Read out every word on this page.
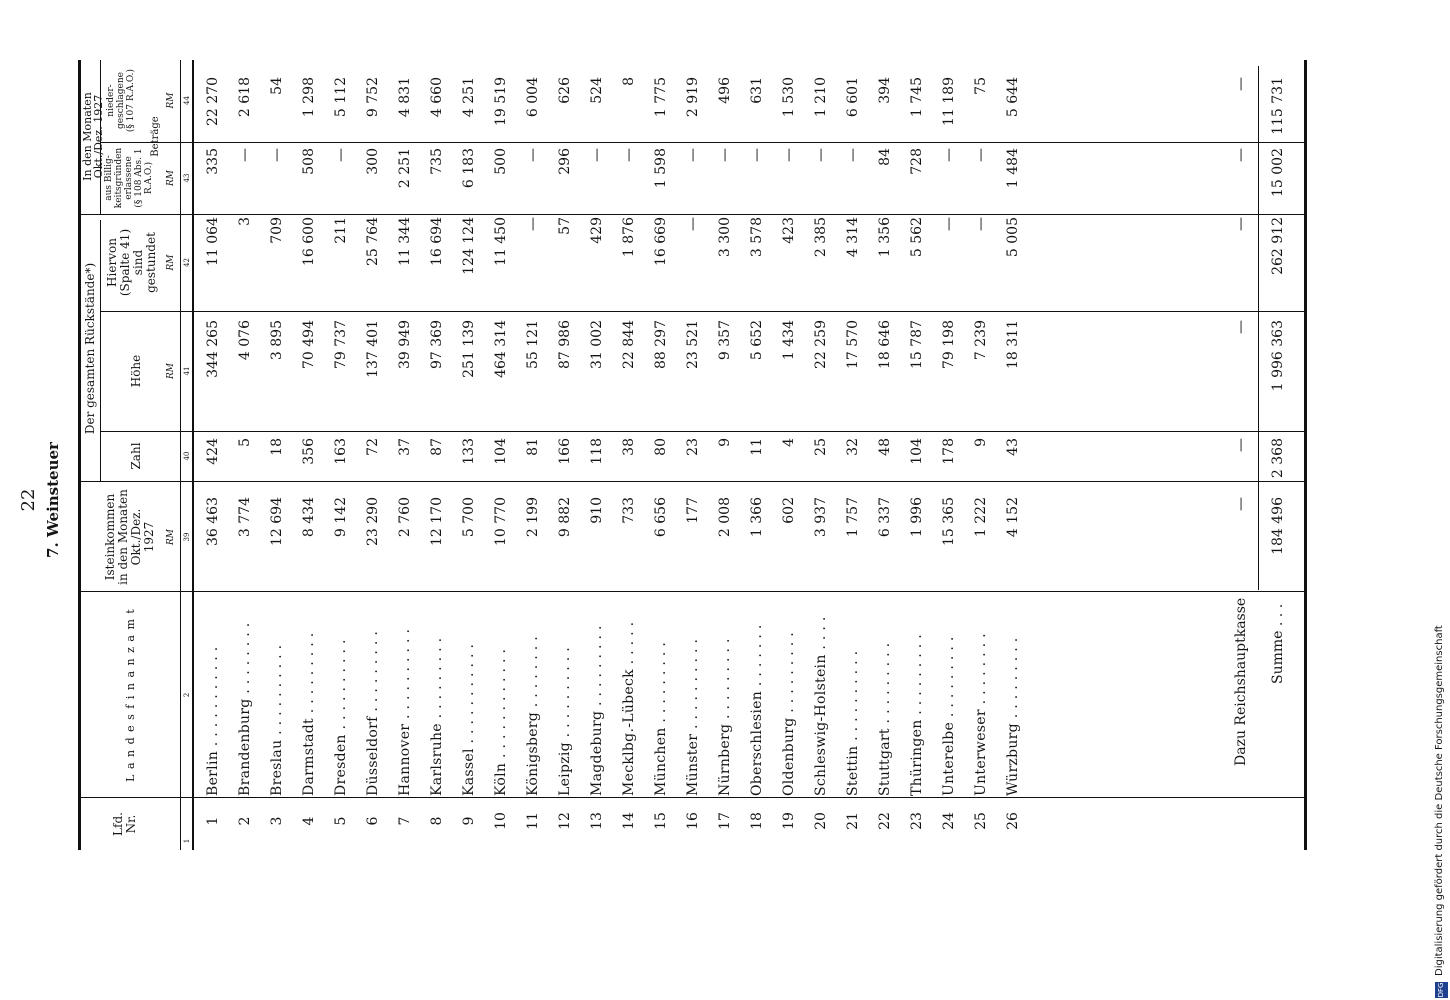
22 7. Weinsteuer
Lfd.
Nr.
L a n d e s f i n a n z a m t
Isteinkommen
in den Monaten
Okt./Dez.
1927
Der gesamten Rückstände*)
Zahl
Höhe
Hiervon
(Spalte 41)
sind
gestundet
In den Monaten
Okt./Dez. 1927
aus Billig-
keitsgründen
erlassene
(§ 108 Abs. 1 R.A.O.)
nieder-
geschlagene
(§ 107 R.A.O.)
Beträge
RM
RM
RM
RM
RM
1
2
39
40
41
42
43
44
1
Berlin . . . . . . . . . . .
36 463
424
344 265
11 064
335
22 270
2
Brandenburg . . . . . . . .
3 774
5
4 076
3
—
2 618
3
Breslau . . . . . . . . . .
12 694
18
3 895
709
—
54
4
Darmstadt . . . . . . . . .
8 434
356
70 494
16 600
508
1 298
5
Dresden . . . . . . . . . .
9 142
163
79 737
211
—
5 112
6
Düsseldorf . . . . . . . . .
23 290
72
137 401
25 764
300
9 752
7
Hannover . . . . . . . . . .
2 760
37
39 949
11 344
2 251
4 831
8
Karlsruhe . . . . . . . . .
12 170
87
97 369
16 694
735
4 660
9
Kassel . . . . . . . . . . .
5 700
133
251 139
124 124
6 183
4 251
10
Köln . . . . . . . . . . . .
10 770
104
464 314
11 450
500
19 519
11
Königsberg . . . . . . . .
2 199
81
55 121
—
—
6 004
12
Leipzig . . . . . . . . . .
9 882
166
87 986
57
296
626
13
Magdeburg . . . . . . . . .
910
118
31 002
429
—
524
14
Mecklbg.-Lübeck . . . . .
733
38
22 844
1 876
—
8
15
München . . . . . . . . .
6 656
80
88 297
16 669
1 598
1 775
16
Münster . . . . . . . . . .
177
23
23 521
—
—
2 919
17
Nürnberg . . . . . . . . .
2 008
9
9 357
3 300
—
496
18
Oberschlesien . . . . . . .
1 366
11
5 652
3 578
—
631
19
Oldenburg . . . . . . . . .
602
4
1 434
423
—
1 530
20
Schleswig-Holstein . . . .
3 937
25
22 259
2 385
—
1 210
21
Stettin . . . . . . . . . .
1 757
32
17 570
4 314
—
6 601
22
Stuttgart . . . . . . . . .
6 337
48
18 646
1 356
84
394
23
Thüringen . . . . . . . . .
1 996
104
15 787
5 562
728
1 745
24
Unterelbe . . . . . . . . .
15 365
178
79 198
—
—
11 189
25
Unterweser . . . . . . . .
1 222
9
7 239
—
—
75
26
Würzburg . . . . . . . . .
4 152
43
18 311
5 005
1 484
5 644
Dazu Reichshauptkasse
—
—
—
—
—
—
Summe . . .
184 496
2 368
1 996 363
262 912
15 002
115 731
DFG
Digitalisierung gefördert durch die Deutsche Forschungsgemeinschaft
